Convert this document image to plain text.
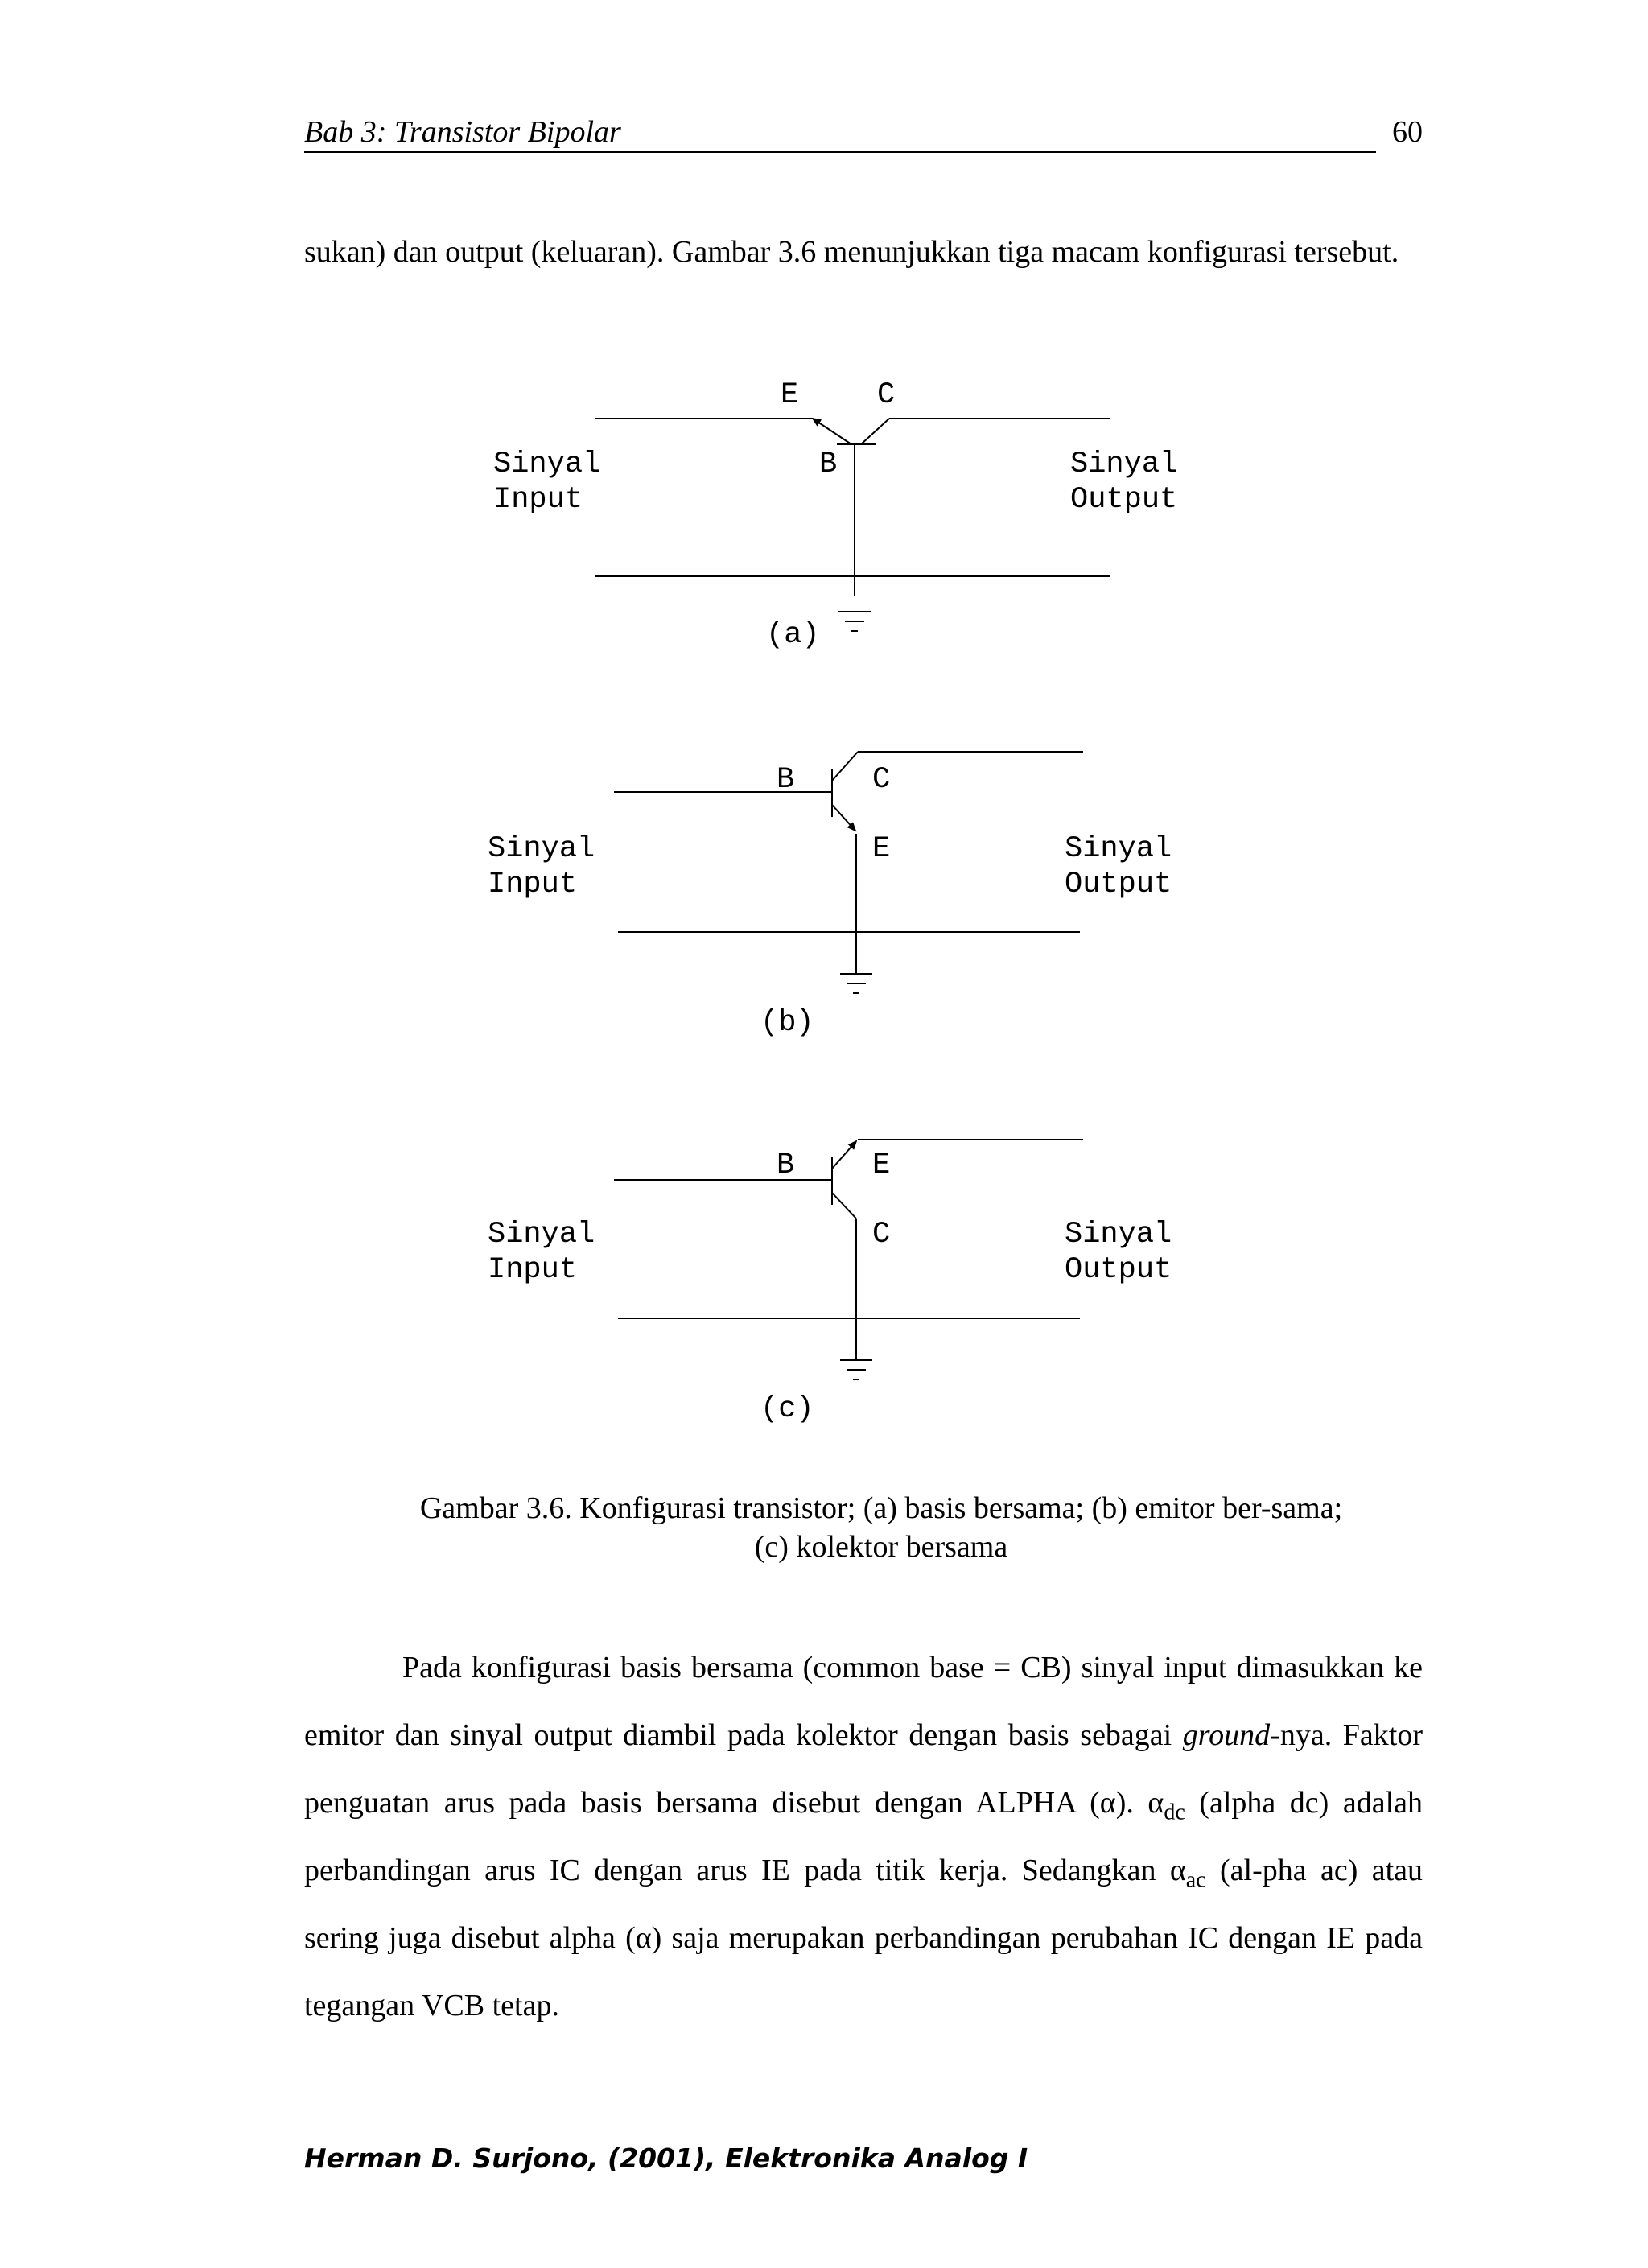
Bab 3: Transistor Bipolar	60

sukan) dan output (keluaran). Gambar 3.6 menunjukkan tiga macam konfigurasi tersebut.

E	C
B
Sinyal
Input
Sinyal
Output
(a)
B	C
E
Sinyal
Input
Sinyal
Output
(b)
B	E
C
Sinyal
Input
Sinyal
Output
(c)
Gambar 3.6. Konfigurasi transistor; (a) basis bersama; (b) emitor ber-sama; (c) kolektor bersama

Pada konfigurasi basis bersama (common base = CB) sinyal input dimasukkan ke emitor dan sinyal output diambil pada kolektor dengan basis sebagai ground-nya. Faktor penguatan arus pada basis bersama disebut dengan ALPHA (α). $\alpha_{dc}$ (alpha dc) adalah perbandingan arus IC dengan arus IE pada titik kerja. Sedangkan $\alpha_{ac}$ (al-pha ac) atau sering juga disebut alpha (α) saja merupakan perbandingan perubahan IC dengan IE pada tegangan VCB tetap.

Herman D. Surjono, (2001), Elektronika Analog I
